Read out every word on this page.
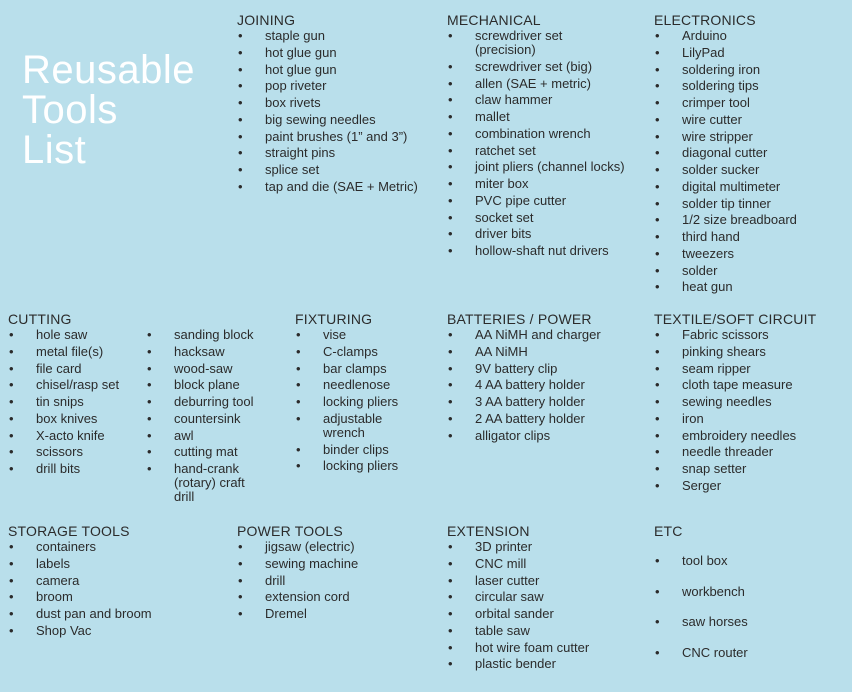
Reusable
Tools
List
JOINING
• staple gun
• hot glue gun
• hot glue gun
• pop riveter
• box rivets
• big sewing needles
• paint brushes (1” and 3”)
• straight pins
• splice set
• tap and die (SAE + Metric)
MECHANICAL
• screwdriver set
(precision)
• screwdriver set (big)
• allen (SAE + metric)
• claw hammer
• mallet
• combination wrench
• ratchet set
• joint pliers (channel locks)
• miter box
• PVC pipe cutter
• socket set
• driver bits
• hollow-shaft nut drivers
ELECTRONICS
• Arduino
• LilyPad
• soldering iron
• soldering tips
• crimper tool
• wire cutter
• wire stripper
• diagonal cutter
• solder sucker
• digital multimeter
• solder tip tinner
• 1/2 size breadboard
• third hand
• tweezers
• solder
• heat gun
CUTTING
• hole saw
• metal file(s)
• file card
• chisel/rasp set
• tin snips
• box knives
• X-acto knife
• scissors
• drill bits
• sanding block
• hacksaw
• wood-saw
• block plane
• deburring tool
• countersink
• awl
• cutting mat
• hand-crank
(rotary) craft
drill
FIXTURING
• vise
• C-clamps
• bar clamps
• needlenose
• locking pliers
• adjustable
wrench
• binder clips
• locking pliers
BATTERIES / POWER
• AA NiMH and charger
• AA NiMH
• 9V battery clip
• 4 AA battery holder
• 3 AA battery holder
• 2 AA battery holder
• alligator clips
TEXTILE/SOFT CIRCUIT
• Fabric scissors
• pinking shears
• seam ripper
• cloth tape measure
• sewing needles
• iron
• embroidery needles
• needle threader
• snap setter
• Serger
STORAGE TOOLS
• containers
• labels
• camera
• broom
• dust pan and broom
• Shop Vac
POWER TOOLS
• jigsaw (electric)
• sewing machine
• drill
• extension cord
• Dremel
EXTENSION
• 3D printer
• CNC mill
• laser cutter
• circular saw
• orbital sander
• table saw
• hot wire foam cutter
• plastic bender
ETC
• tool box
• workbench
• saw horses
• CNC router
